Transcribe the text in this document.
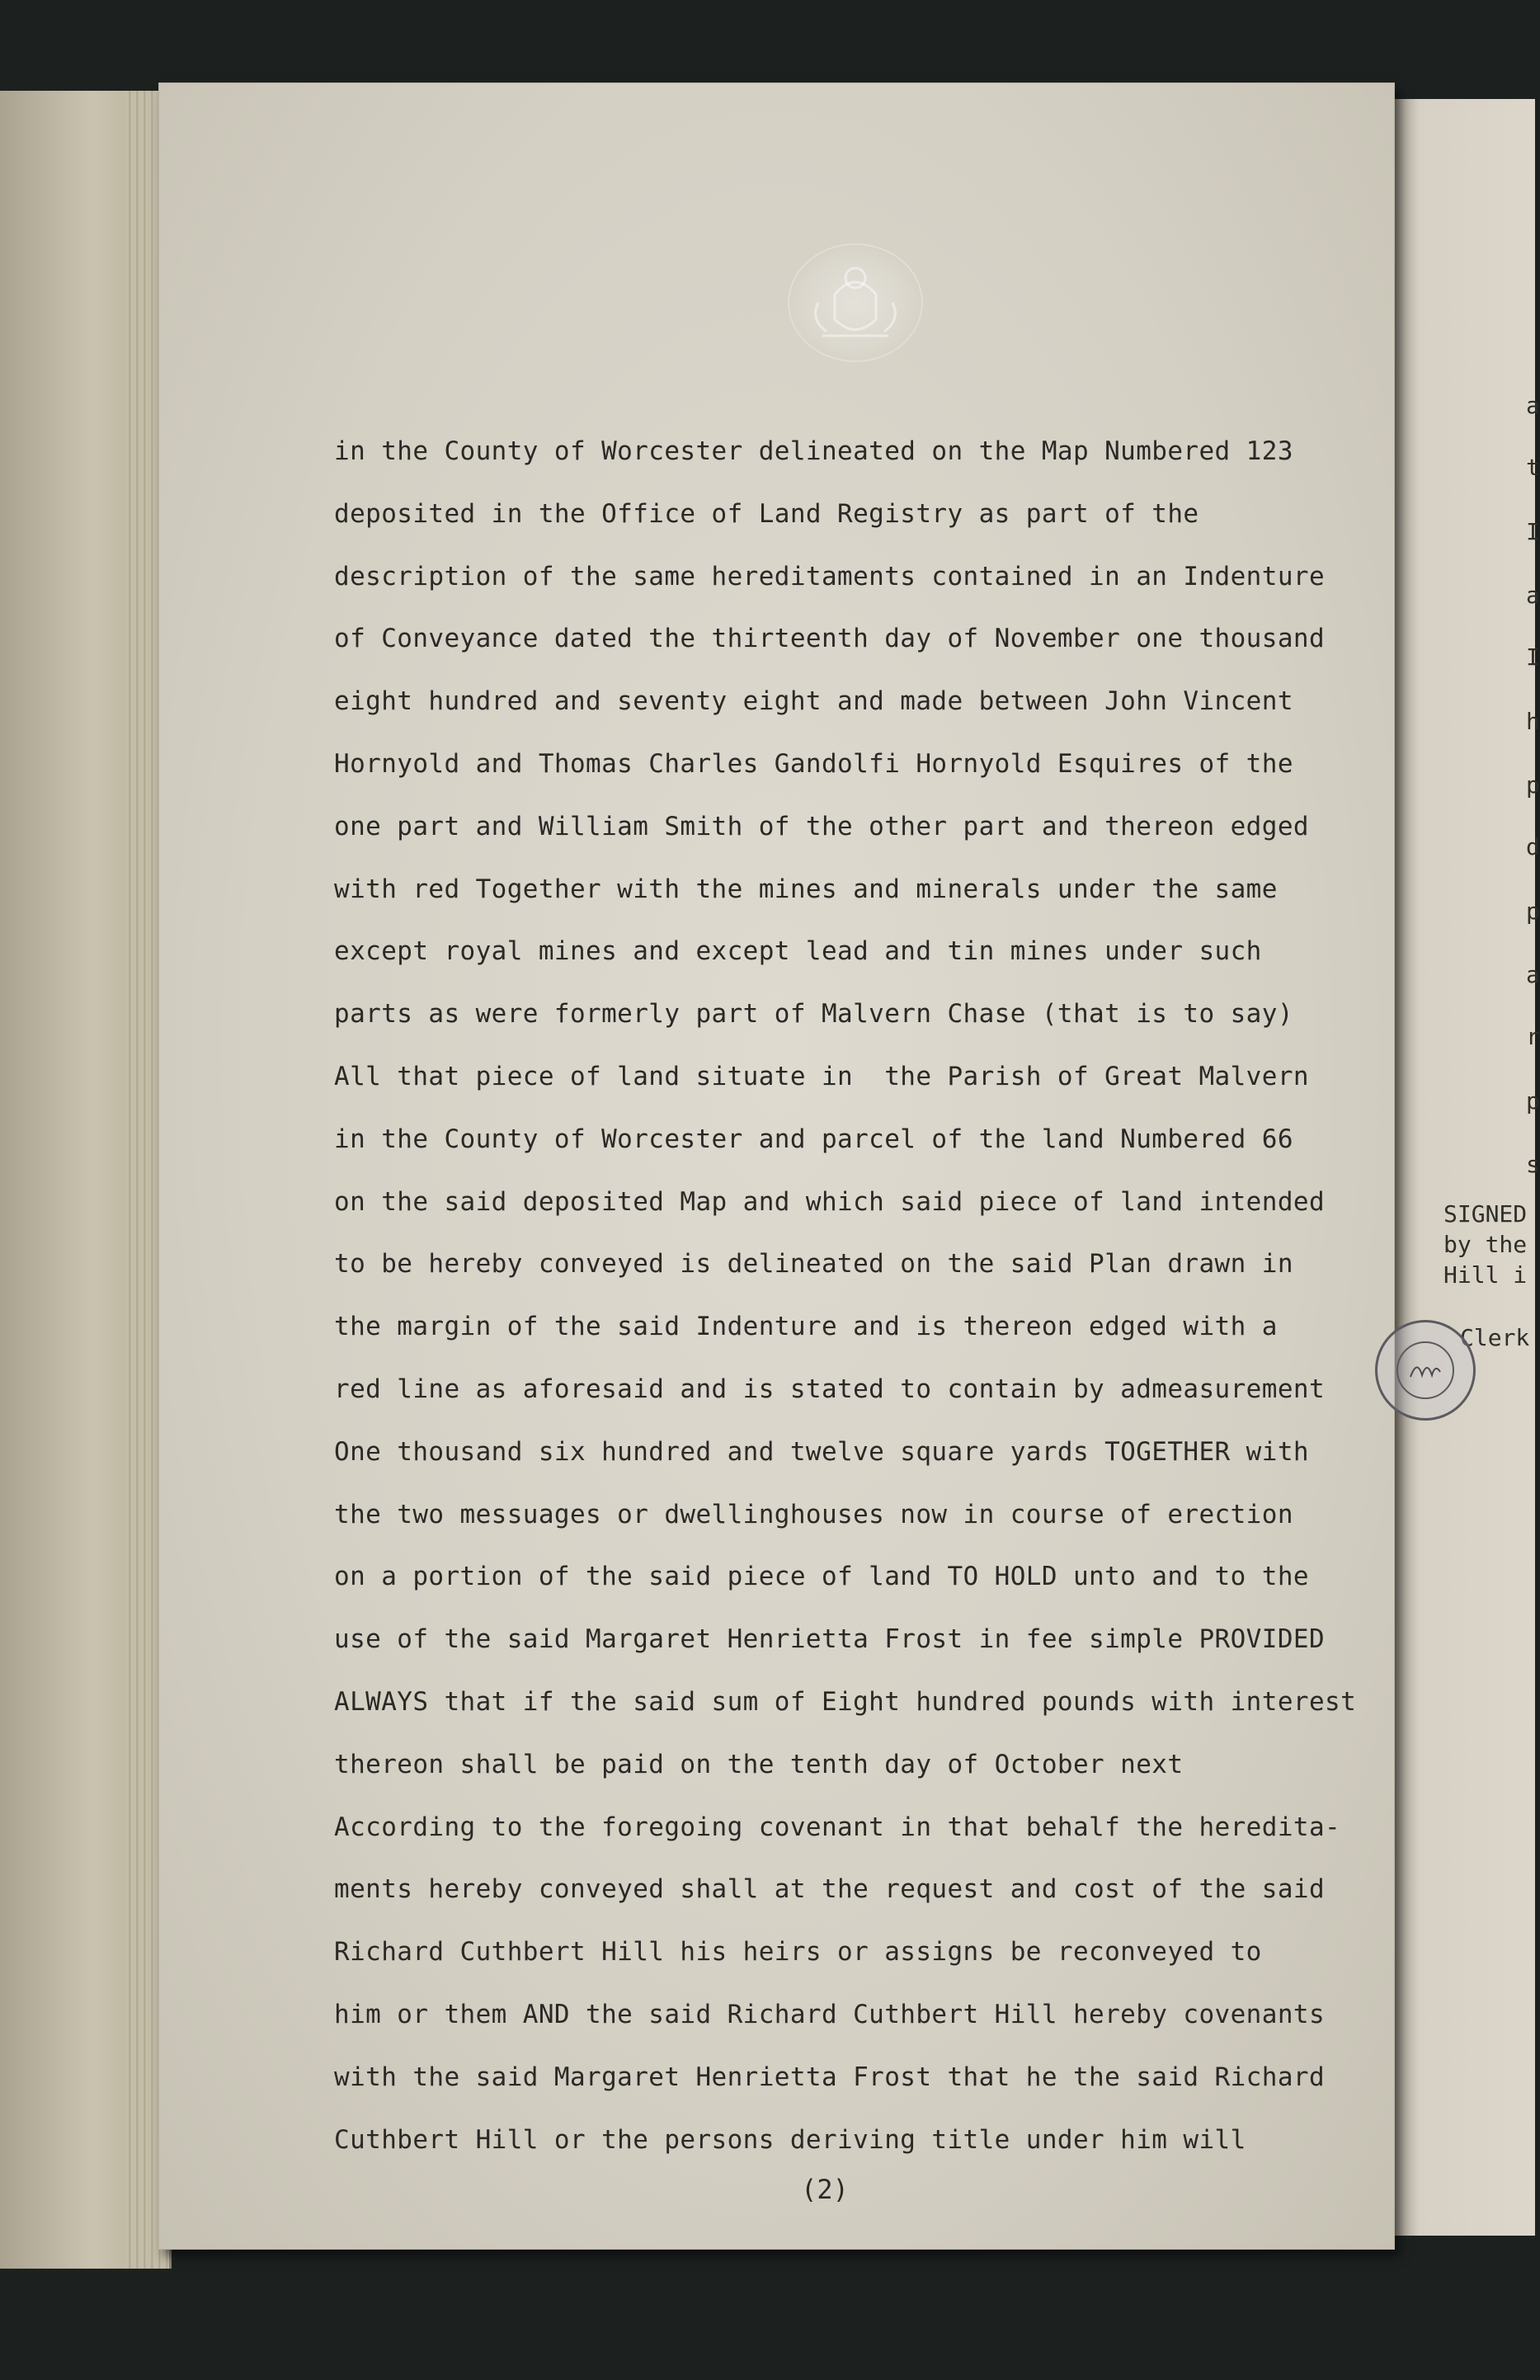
a
t
I
a
I
h
p
d
p
a
r
p
s
SIGNED
by the
Hill i
Clerk
in the County of Worcester delineated on the Map Numbered 123
deposited in the Office of Land Registry as part of the
description of the same hereditaments contained in an Indenture
of Conveyance dated the thirteenth day of November one thousand
eight hundred and seventy eight and made between John Vincent
Hornyold and Thomas Charles Gandolfi Hornyold Esquires of the
one part and William Smith of the other part and thereon edged
with red Together with the mines and minerals under the same
except royal mines and except lead and tin mines under such
parts as were formerly part of Malvern Chase (that is to say)
All that piece of land situate in  the Parish of Great Malvern
in the County of Worcester and parcel of the land Numbered 66
on the said deposited Map and which said piece of land intended
to be hereby conveyed is delineated on the said Plan drawn in
the margin of the said Indenture and is thereon edged with a
red line as aforesaid and is stated to contain by admeasurement
One thousand six hundred and twelve square yards TOGETHER with
the two messuages or dwellinghouses now in course of erection
on a portion of the said piece of land TO HOLD unto and to the
use of the said Margaret Henrietta Frost in fee simple PROVIDED
ALWAYS that if the said sum of Eight hundred pounds with interest
thereon shall be paid on the tenth day of October next
According to the foregoing covenant in that behalf the heredita-
ments hereby conveyed shall at the request and cost of the said
Richard Cuthbert Hill his heirs or assigns be reconveyed to
him or them AND the said Richard Cuthbert Hill hereby covenants
with the said Margaret Henrietta Frost that he the said Richard
Cuthbert Hill or the persons deriving title under him will
(2)
